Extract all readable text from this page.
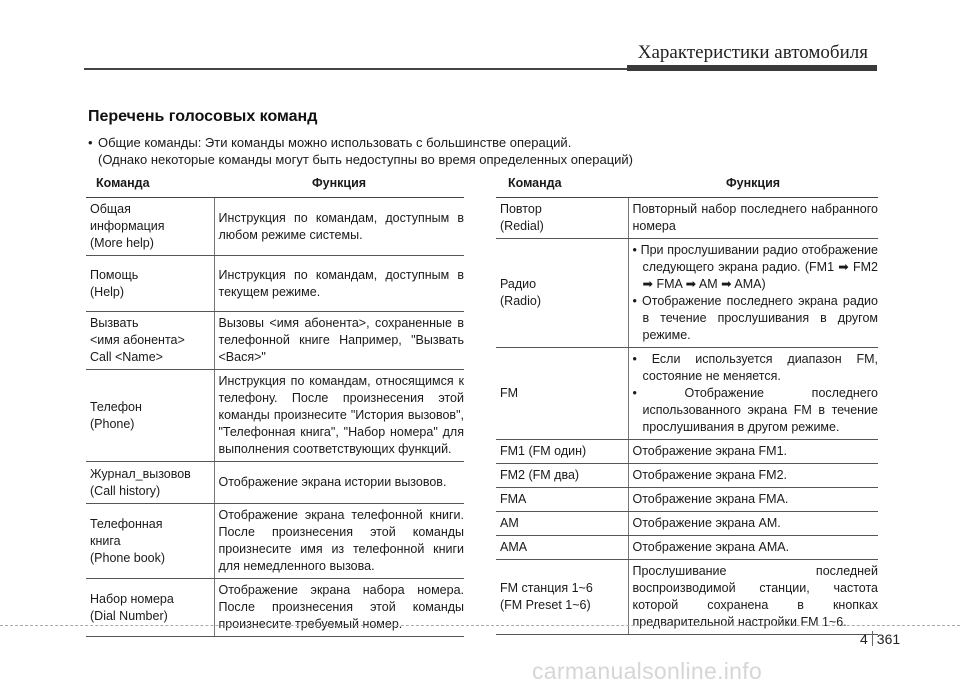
Характеристики автомобиля
Перечень голосовых команд
• Общие команды: Эти команды можно использовать с большинстве операций.
(Однако некоторые команды могут быть недоступны во время определенных операций)
Команда	Функция
Общая
информация
(More help)	Инструкция по командам, доступным в любом режиме системы.
Помощь
(Help)	Инструкция по командам, доступным в текущем режиме.
Вызвать
<имя абонента>
Call <Name>	Вызовы <имя абонента>, сохраненные в телефонной книге Например, "Вызвать <Вася>"
Телефон
(Phone)	Инструкция по командам, относящимся к телефону. После произнесения этой команды произнесите "История вызовов", "Телефонная книга", "Набор номера" для выполнения соответствующих функций.
Журнал_вызовов
(Call history)	Отображение экрана истории вызовов.
Телефонная
книга
(Phone book)	Отображение экрана телефонной книги. После произнесения этой команды произнесите имя из телефонной книги для немедленного вызова.
Набор номера
(Dial Number)	Отображение экрана набора номера. После произнесения этой команды произнесите требуемый номер.
Команда	Функция
Повтор
(Redial)	Повторный набор последнего набранного номера
Радио
(Radio)	• При прослушивании радио отображение следующего экрана радио. (FM1 ➡ FM2 ➡ FMA ➡ AM ➡ AMA)
• Отображение последнего экрана радио в течение прослушивания в другом режиме.

FM	• Если используется диапазон FM, состояние не меняется.
• Отображение последнего использованного экрана FM в течение прослушивания в другом режиме.

FM1 (FM один)	Отображение экрана FM1.
FM2 (FM два)	Отображение экрана FM2.
FMA	Отображение экрана FMA.
AM	Отображение экрана AM.
AMA	Отображение экрана AMA.
FM станция 1~6
(FM Preset 1~6)	Прослушивание последней воспроизводимой станции, частота которой сохранена в кнопках предварительной настройки FM 1~6.
4 361
carmanualsonline.info
